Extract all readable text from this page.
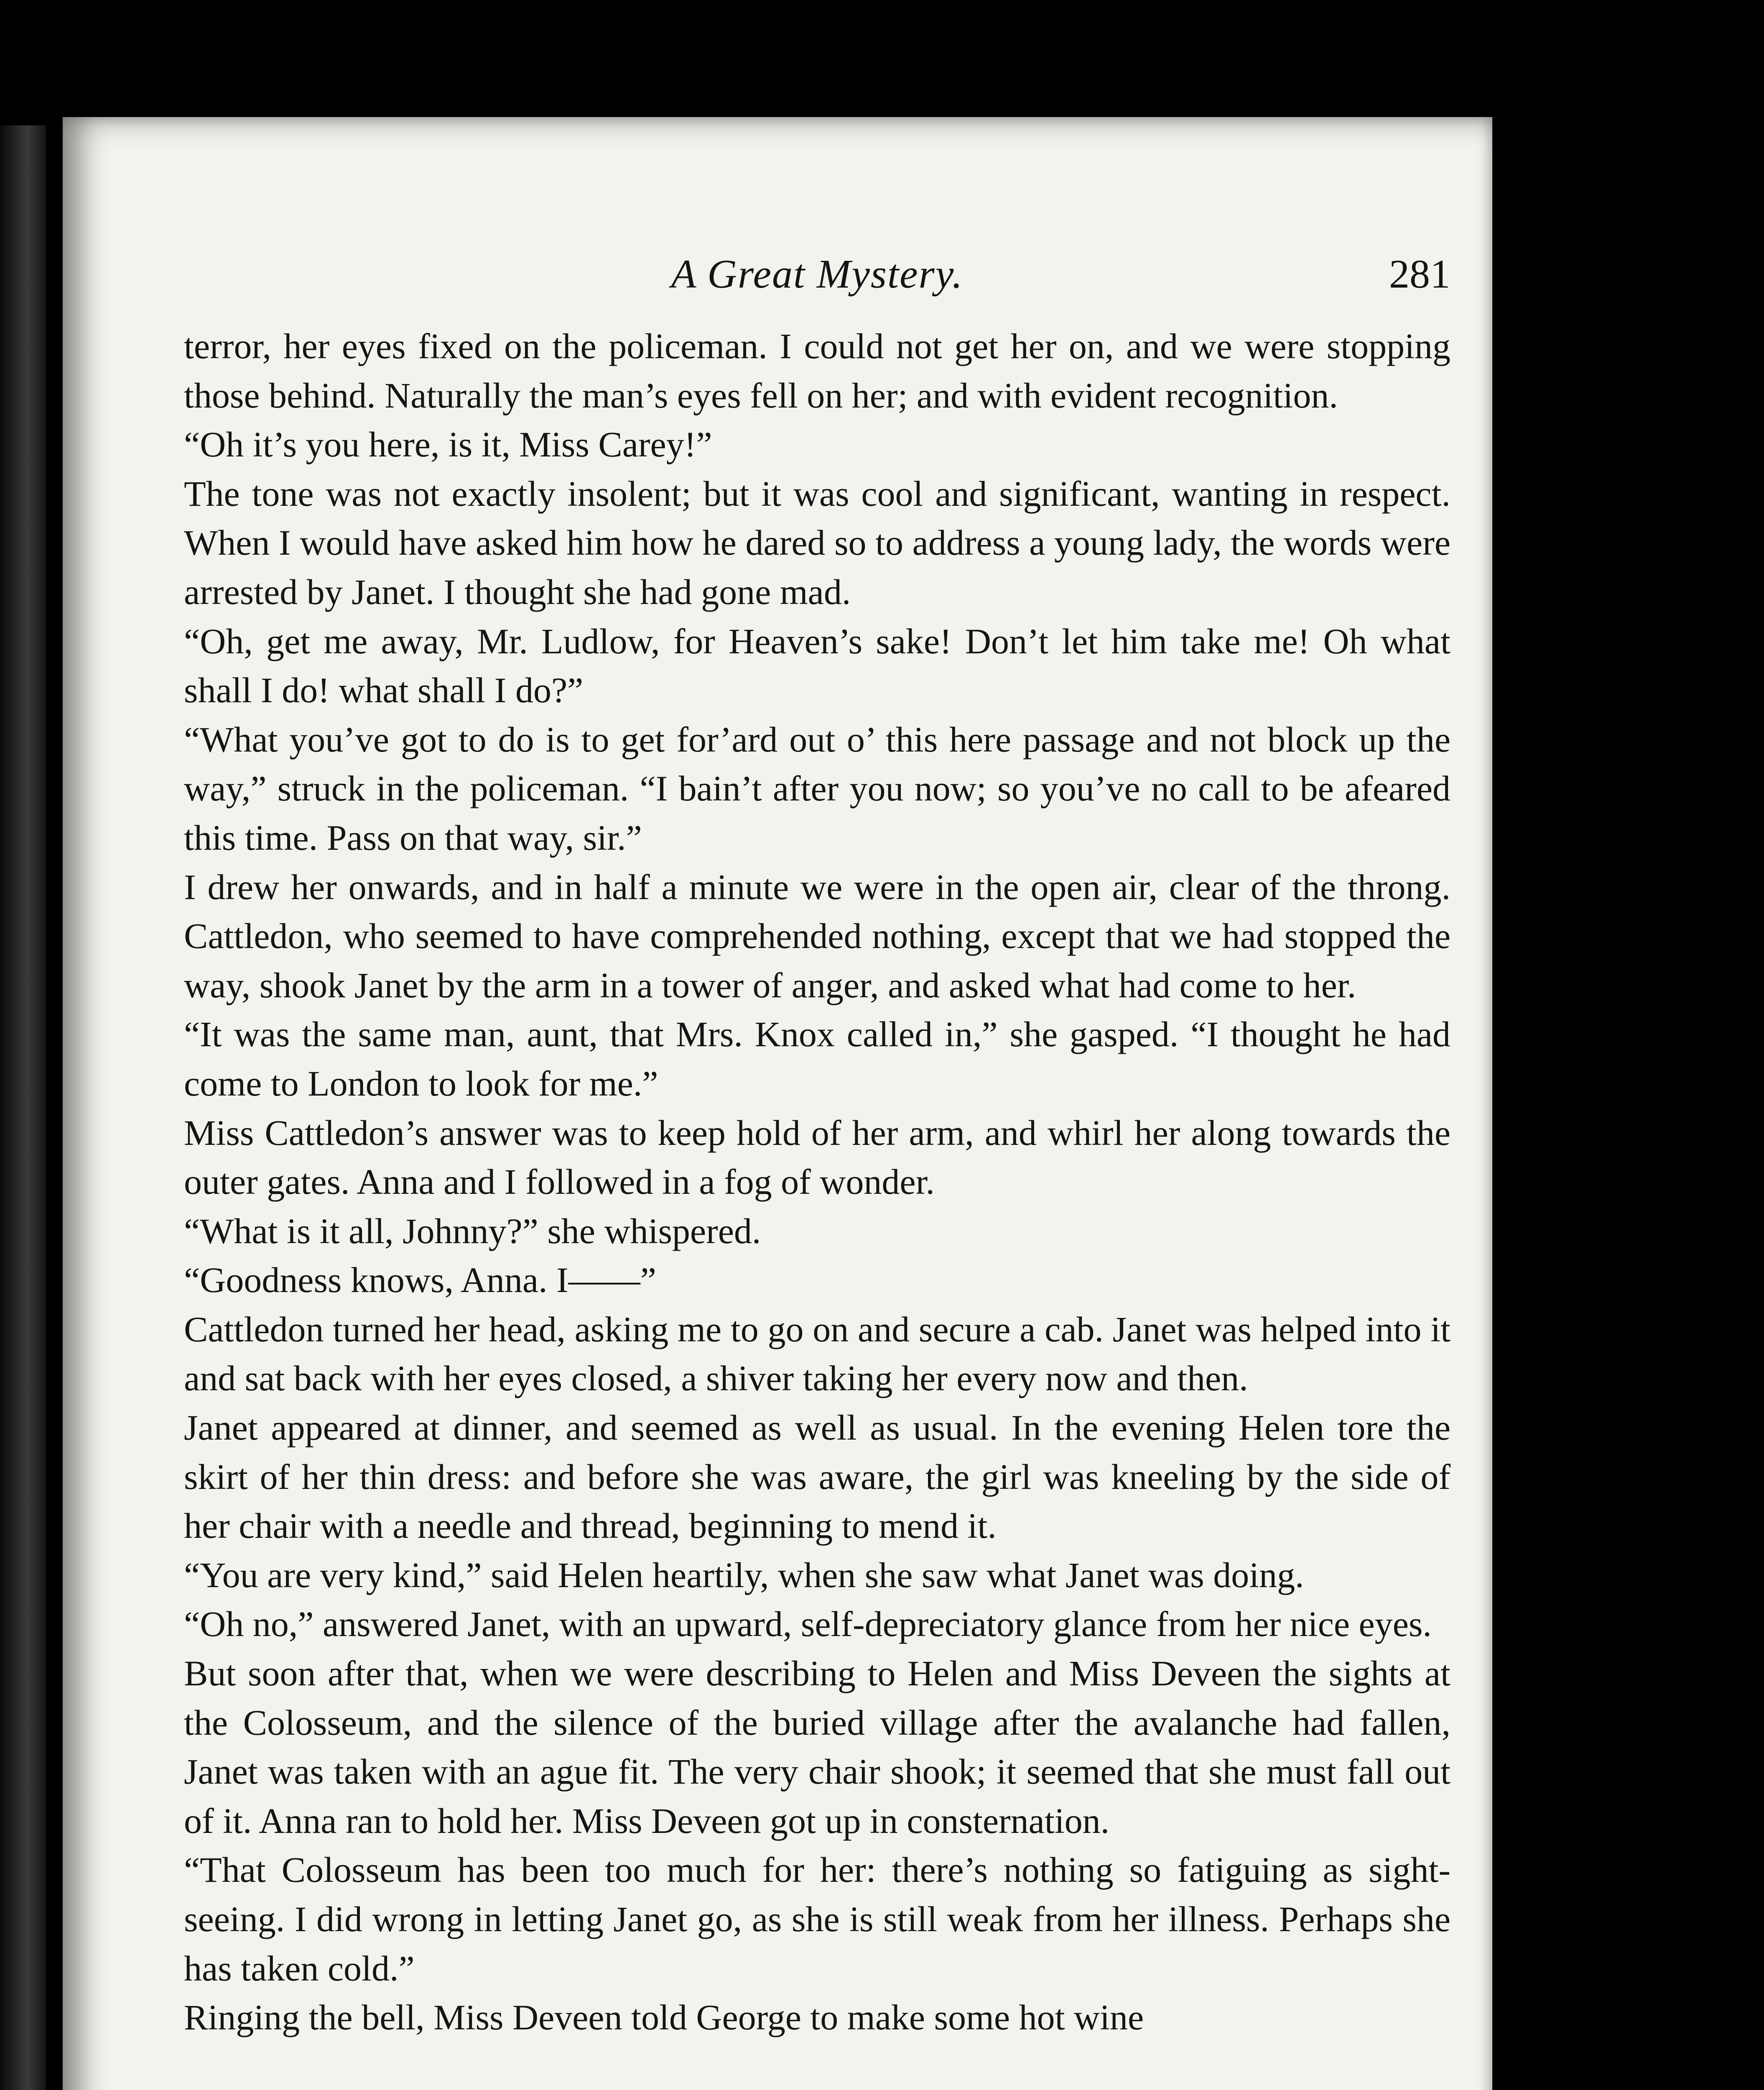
A Great Mystery.	281

terror, her eyes fixed on the policeman. I could not get her on, and we were stopping those behind. Naturally the man’s eyes fell on her; and with evident recognition.

“Oh it’s you here, is it, Miss Carey!”

The tone was not exactly insolent; but it was cool and significant, wanting in respect. When I would have asked him how he dared so to address a young lady, the words were arrested by Janet. I thought she had gone mad.

“Oh, get me away, Mr. Ludlow, for Heaven’s sake! Don’t let him take me! Oh what shall I do! what shall I do?”

“What you’ve got to do is to get for’ard out o’ this here passage and not block up the way,” struck in the policeman. “I bain’t after you now; so you’ve no call to be afeared this time. Pass on that way, sir.”

I drew her onwards, and in half a minute we were in the open air, clear of the throng. Cattledon, who seemed to have comprehended nothing, except that we had stopped the way, shook Janet by the arm in a tower of anger, and asked what had come to her.

“It was the same man, aunt, that Mrs. Knox called in,” she gasped. “I thought he had come to London to look for me.”

Miss Cattledon’s answer was to keep hold of her arm, and whirl her along towards the outer gates. Anna and I followed in a fog of wonder.

“What is it all, Johnny?” she whispered.

“Goodness knows, Anna. I——”

Cattledon turned her head, asking me to go on and secure a cab. Janet was helped into it and sat back with her eyes closed, a shiver taking her every now and then.

Janet appeared at dinner, and seemed as well as usual. In the evening Helen tore the skirt of her thin dress: and before she was aware, the girl was kneeling by the side of her chair with a needle and thread, beginning to mend it.

“You are very kind,” said Helen heartily, when she saw what Janet was doing.

“Oh no,” answered Janet, with an upward, self-depreciatory glance from her nice eyes.

But soon after that, when we were describing to Helen and Miss Deveen the sights at the Colosseum, and the silence of the buried village after the avalanche had fallen, Janet was taken with an ague fit. The very chair shook; it seemed that she must fall out of it. Anna ran to hold her. Miss Deveen got up in consternation.

“That Colosseum has been too much for her: there’s nothing so fatiguing as sight-seeing. I did wrong in letting Janet go, as she is still weak from her illness. Perhaps she has taken cold.”

Ringing the bell, Miss Deveen told George to make some hot wine
